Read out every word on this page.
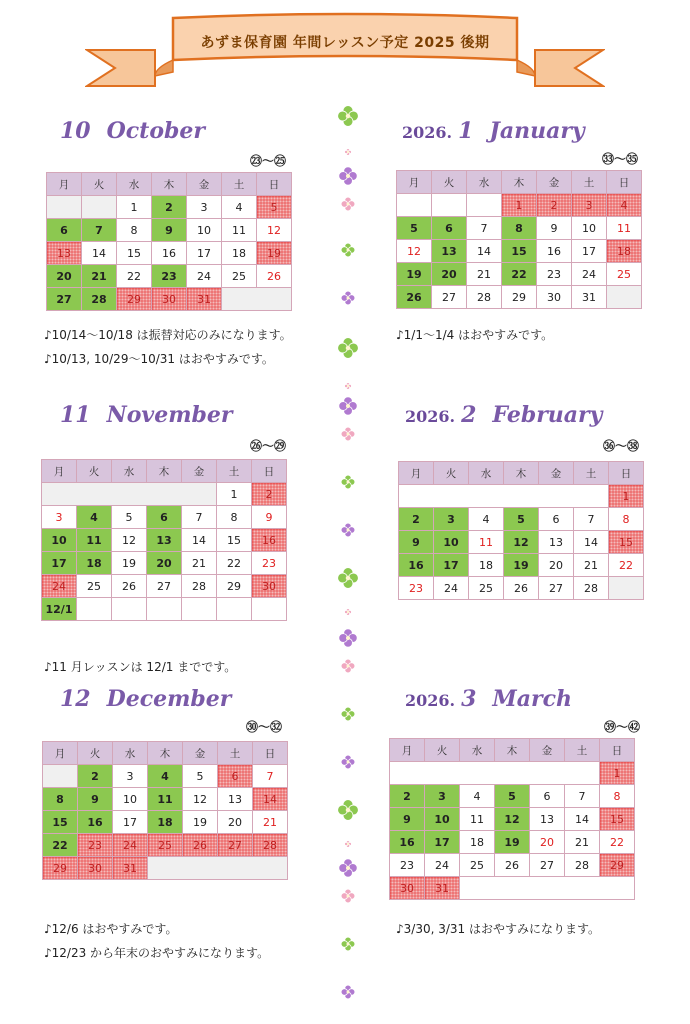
あずま保育園 年間レッスン予定 2025 後期
10 October
㉓〜㉕
月	火	水	木	金	土	日
		1	2	3	4	5
6	7	8	9	10	11	12
13	14	15	16	17	18	19
20	21	22	23	24	25	26
27	28	29	30	31		
♪10/14〜10/18 は振替対応のみになります。
♪10/13, 10/29〜10/31 はおやすみです。
2026. 1 January
㉝〜㉟
月	火	水	木	金	土	日
			1	2	3	4
5	6	7	8	9	10	11
12	13	14	15	16	17	18
19	20	21	22	23	24	25
26	27	28	29	30	31	
♪1/1〜1/4 はおやすみです。
11 November
㉖〜㉙
月	火	水	木	金	土	日
					1	2
3	4	5	6	7	8	9
10	11	12	13	14	15	16
17	18	19	20	21	22	23
24	25	26	27	28	29	30
12/1						
♪11 月レッスンは 12/1 までです。
2026. 2 February
㊱〜㊳
月	火	水	木	金	土	日
						1
2	3	4	5	6	7	8
9	10	11	12	13	14	15
16	17	18	19	20	21	22
23	24	25	26	27	28	
12 December
㉚〜㉜
月	火	水	木	金	土	日
	2	3	4	5	6	7
8	9	10	11	12	13	14
15	16	17	18	19	20	21
22	23	24	25	26	27	28
29	30	31				
♪12/6 はおやすみです。
♪12/23 から年末のおやすみになります。
2026. 3 March
㊴〜㊷
月	火	水	木	金	土	日
						1
2	3	4	5	6	7	8
9	10	11	12	13	14	15
16	17	18	19	20	21	22
23	24	25	26	27	28	29
30	31					
♪3/30, 3/31 はおやすみになります。
